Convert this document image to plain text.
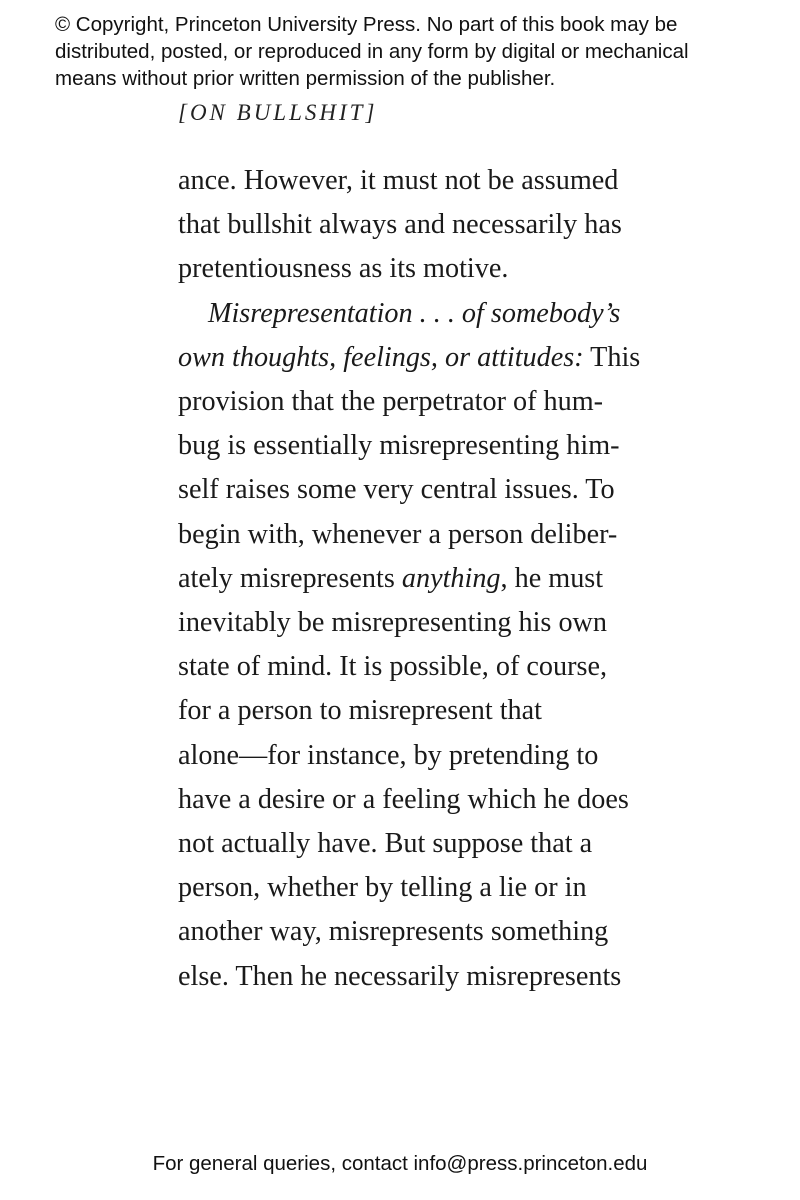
© Copyright, Princeton University Press. No part of this book may be
distributed, posted, or reproduced in any form by digital or mechanical
means without prior written permission of the publisher.
[ON BULLSHIT]
ance. However, it must not be assumed
that bullshit always and necessarily has
pretentiousness as its motive.
Misrepresentation . . . of somebody’s
own thoughts, feelings, or attitudes: This
provision that the perpetrator of hum-
bug is essentially misrepresenting him-
self raises some very central issues. To
begin with, whenever a person deliber-
ately misrepresents anything, he must
inevitably be misrepresenting his own
state of mind. It is possible, of course,
for a person to misrepresent that
alone—for instance, by pretending to
have a desire or a feeling which he does
not actually have. But suppose that a
person, whether by telling a lie or in
another way, misrepresents something
else. Then he necessarily misrepresents
For general queries, contact info@press.princeton.edu
